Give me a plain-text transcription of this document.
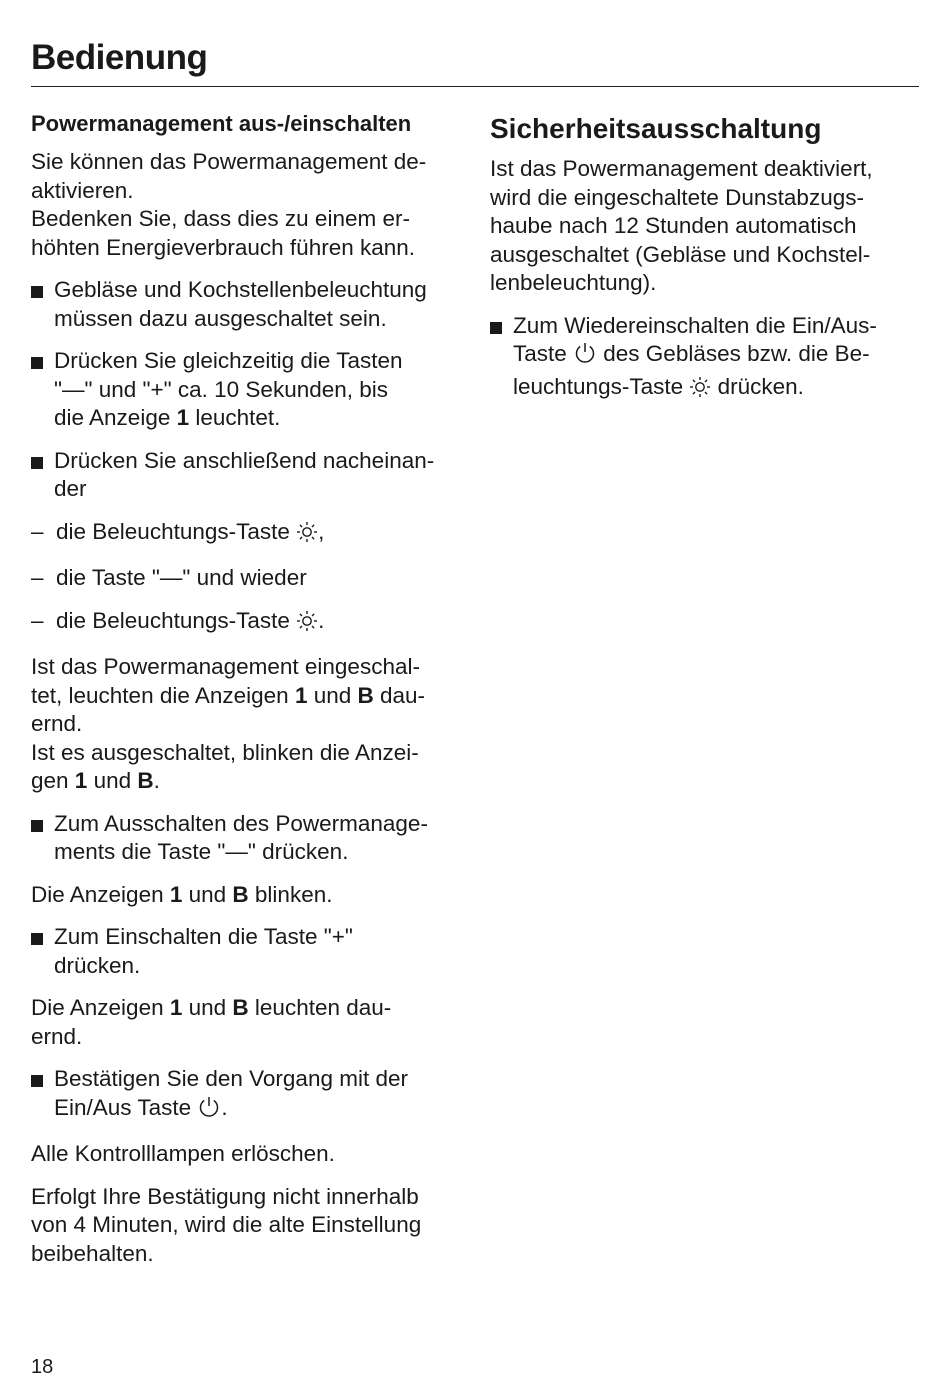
Bedienung
Powermanagement aus-/einschalten

Sie können das Powermanagement de-
aktivieren.
Bedenken Sie, dass dies zu einem er-
höhten Energieverbrauch führen kann.

Gebläse und Kochstellenbeleuchtung
müssen dazu ausgeschaltet sein.
Drücken Sie gleichzeitig die Tasten
"—" und "+" ca. 10 Sekunden, bis
die Anzeige 1 leuchtet.
Drücken Sie anschließend nacheinan-
der
– die Beleuchtungs-Taste ,
– die Taste "—" und wieder
– die Beleuchtungs-Taste .

Ist das Powermanagement eingeschal-
tet, leuchten die Anzeigen 1 und B dau-
ernd.
Ist es ausgeschaltet, blinken die Anzei-
gen 1 und B.

Zum Ausschalten des Powermanage-
ments die Taste "—" drücken.

Die Anzeigen 1 und B blinken.

Zum Einschalten die Taste "+"
drücken.

Die Anzeigen 1 und B leuchten dau-
ernd.

Bestätigen Sie den Vorgang mit der
Ein/Aus Taste .

Alle Kontrolllampen erlöschen.

Erfolgt Ihre Bestätigung nicht innerhalb
von 4 Minuten, wird die alte Einstellung
beibehalten.

Sicherheitsausschaltung

Ist das Powermanagement deaktiviert,
wird die eingeschaltete Dunstabzugs-
haube nach 12 Stunden automatisch
ausgeschaltet (Gebläse und Kochstel-
lenbeleuchtung).

Zum Wiedereinschalten die Ein/Aus-
Taste  des Gebläses bzw. die Be-
leuchtungs-Taste  drücken.
18
